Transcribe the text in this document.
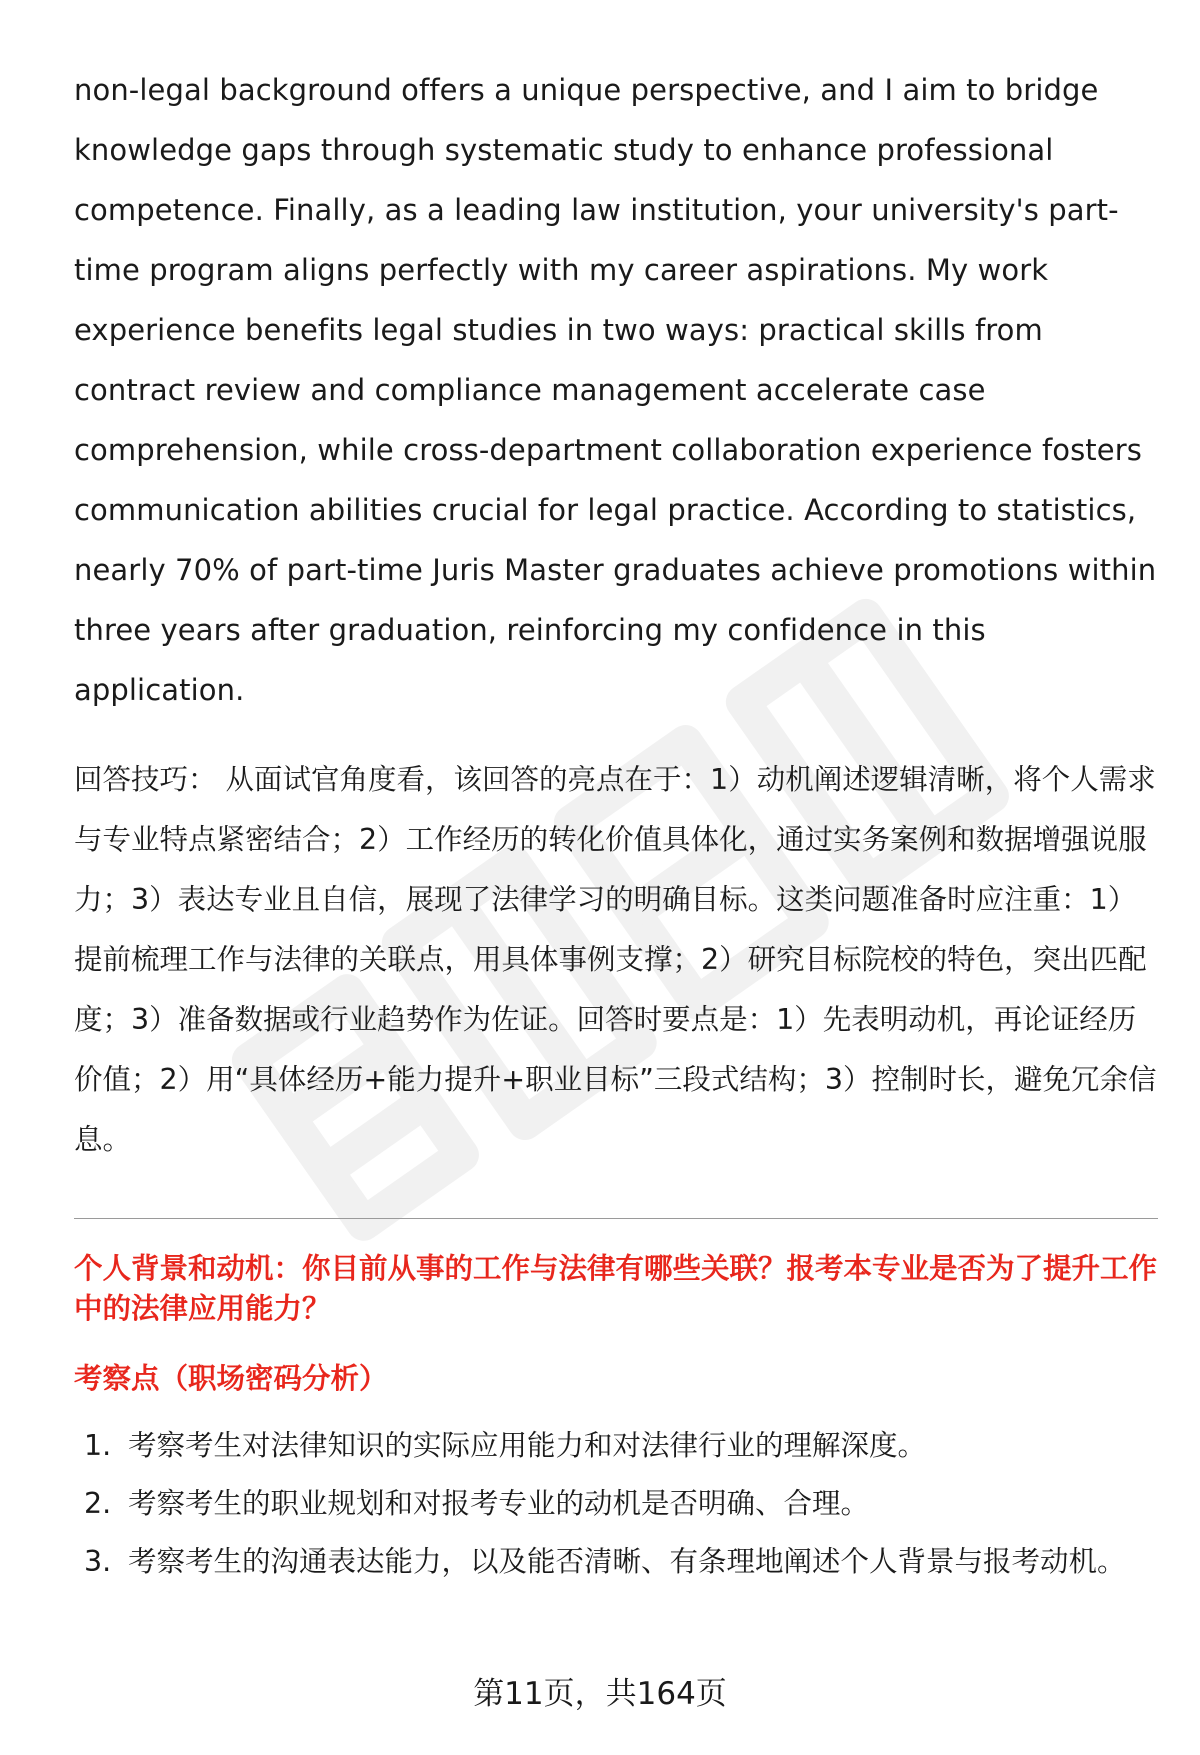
non-legal background offers a unique perspective, and I aim to bridge knowledge gaps through systematic study to enhance professional competence. Finally, as a leading law institution, your university's part-time program aligns perfectly with my career aspirations. My work experience benefits legal studies in two ways: practical skills from contract review and compliance management accelerate case comprehension, while cross-department collaboration experience fosters communication abilities crucial for legal practice. According to statistics, nearly 70% of part-time Juris Master graduates achieve promotions within three years after graduation, reinforcing my confidence in this application.

回答技巧： 从面试官角度看，该回答的亮点在于：1）动机阐述逻辑清晰，将个人需求与专业特点紧密结合；2）工作经历的转化价值具体化，通过实务案例和数据增强说服力；3）表达专业且自信，展现了法律学习的明确目标。这类问题准备时应注重：1）提前梳理工作与法律的关联点，用具体事例支撑；2）研究目标院校的特色，突出匹配度；3）准备数据或行业趋势作为佐证。回答时要点是：1）先表明动机，再论证经历价值；2）用“具体经历+能力提升+职业目标”三段式结构；3）控制时长，避免冗余信息。

个人背景和动机：你目前从事的工作与法律有哪些关联？报考本专业是否为了提升工作中的法律应用能力？

考察点（职场密码分析）

1. 考察考生对法律知识的实际应用能力和对法律行业的理解深度。
2. 考察考生的职业规划和对报考专业的动机是否明确、合理。
3. 考察考生的沟通表达能力，以及能否清晰、有条理地阐述个人背景与报考动机。
第11页，共164页
